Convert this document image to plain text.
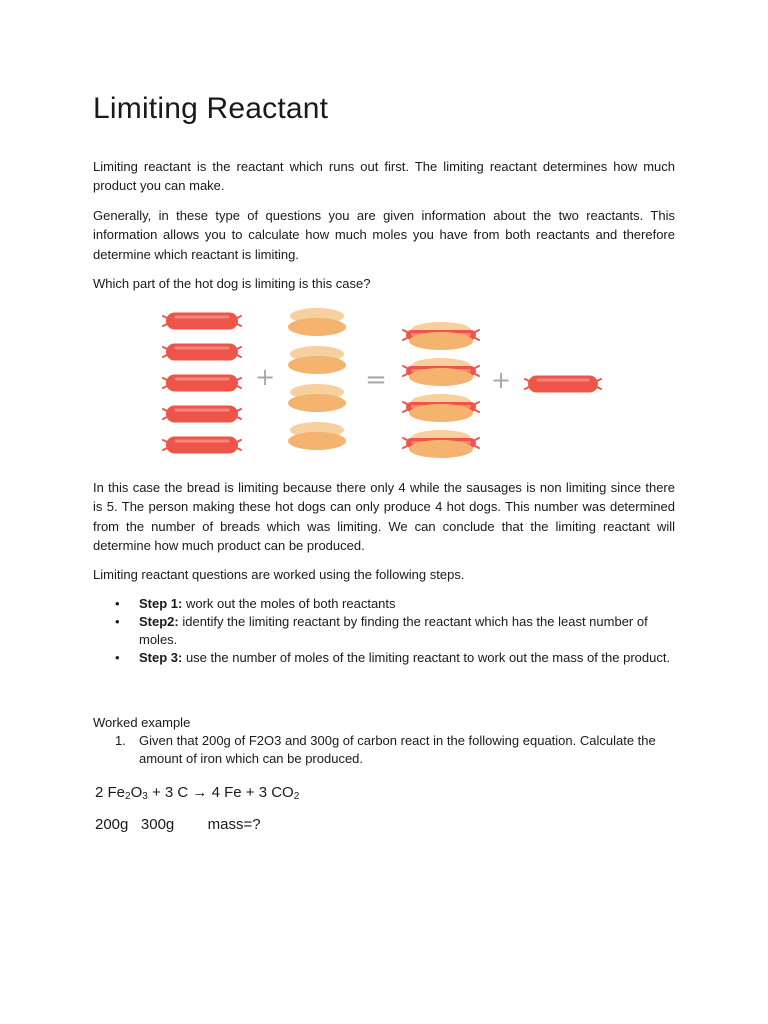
Limiting Reactant

Limiting reactant is the reactant which runs out first. The limiting reactant determines how much product you can make.

Generally, in these type of questions you are given information about the two reactants. This information allows you to calculate how much moles you have from both reactants and therefore determine which reactant is limiting.

Which part of the hot dog is limiting is this case?

• Step 1: work out the moles of both reactants
• Step2: identify the limiting reactant by finding the reactant which has the least number of moles.
• Step 3: use the number of moles of the limiting reactant to work out the mass of the product.

In this case the bread is limiting because there only 4 while the sausages is non limiting since there is 5. The person making these hot dogs can only produce 4 hot dogs. This number was determined from the number of breads which was limiting. We can conclude that the limiting reactant will determine how much product can be produced.

Limiting reactant questions are worked using the following steps.

Worked example
1.	Given that 200g of F2O3 and 300g of carbon react in the following equation. Calculate the amount of iron which can be produced.
2 $Fe_2O_3 + 3$ C → 4 Fe + 3 $CO_2$
200g 300g mass=?
+	=	+
